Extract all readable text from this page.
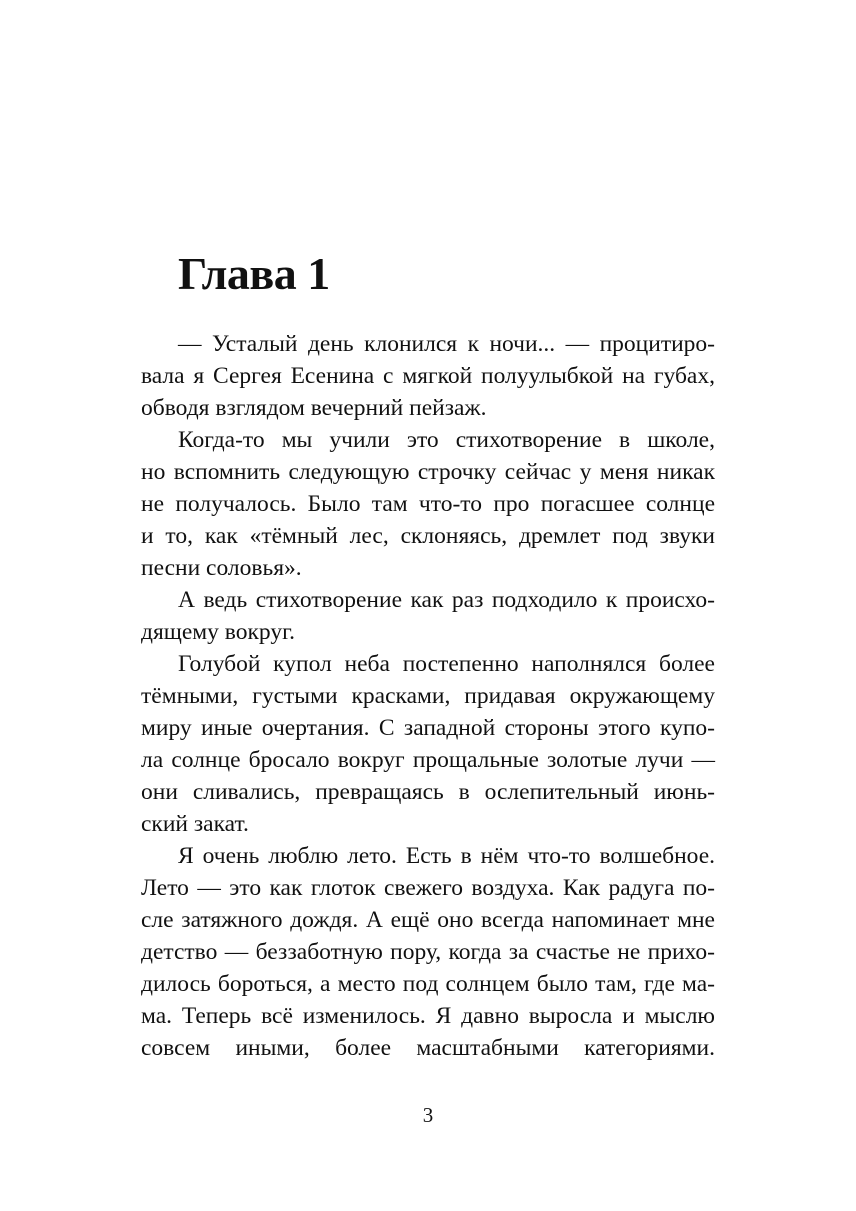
Глава 1
— Усталый день клонился к ночи... — процитиро-
вала я Сергея Есенина с мягкой полуулыбкой на губах,
обводя взглядом вечерний пейзаж.
Когда-то мы учили это стихотворение в школе,
но вспомнить следующую строчку сейчас у меня никак
не получалось. Было там что-то про погасшее солнце
и то, как «тёмный лес, склоняясь, дремлет под звуки
песни соловья».
А ведь стихотворение как раз подходило к происхо-
дящему вокруг.
Голубой купол неба постепенно наполнялся более
тёмными, густыми красками, придавая окружающему
миру иные очертания. С западной стороны этого купо-
ла солнце бросало вокруг прощальные золотые лучи —
они сливались, превращаясь в ослепительный июнь-
ский закат.
Я очень люблю лето. Есть в нём что-то волшебное.
Лето — это как глоток свежего воздуха. Как радуга по-
сле затяжного дождя. А ещё оно всегда напоминает мне
детство — беззаботную пору, когда за счастье не прихо-
дилось бороться, а место под солнцем было там, где ма-
ма. Теперь всё изменилось. Я давно выросла и мыслю
совсем иными, более масштабными категориями.

3
